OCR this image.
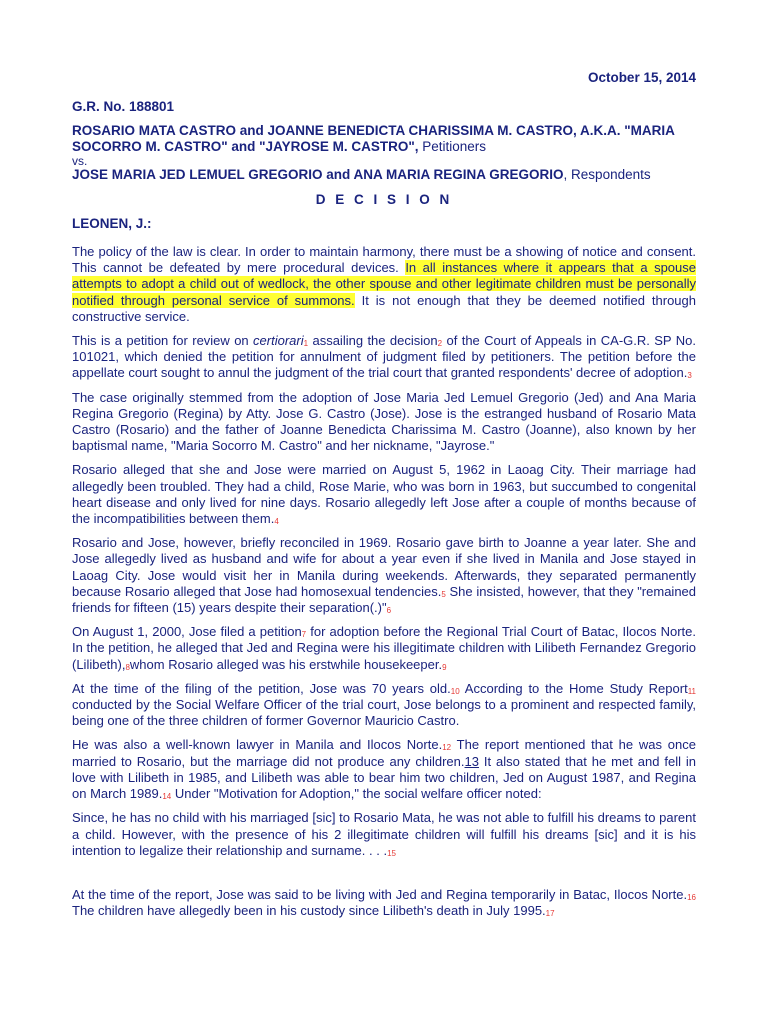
October 15, 2014
G.R. No. 188801
ROSARIO MATA CASTRO and JOANNE BENEDICTA CHARISSIMA M. CASTRO, A.K.A. "MARIA SOCORRO M. CASTRO" and "JAYROSE M. CASTRO", Petitioners
vs.
JOSE MARIA JED LEMUEL GREGORIO and ANA MARIA REGINA GREGORIO, Respondents
D E C I S I O N
LEONEN, J.:

The policy of the law is clear. In order to maintain harmony, there must be a showing of notice and consent. This cannot be defeated by mere procedural devices. In all instances where it appears that a spouse attempts to adopt a child out of wedlock, the other spouse and other legitimate children must be personally notified through personal service of summons. It is not enough that they be deemed notified through constructive service.

This is a petition for review on certiorari$^1$ assailing the decision$^2$ of the Court of Appeals in CA-G.R. SP No. 101021, which denied the petition for annulment of judgment filed by petitioners. The petition before the appellate court sought to annul the judgment of the trial court that granted respondents' decree of adoption.$^3$

The case originally stemmed from the adoption of Jose Maria Jed Lemuel Gregorio (Jed) and Ana Maria Regina Gregorio (Regina) by Atty. Jose G. Castro (Jose). Jose is the estranged husband of Rosario Mata Castro (Rosario) and the father of Joanne Benedicta Charissima M. Castro (Joanne), also known by her baptismal name, "Maria Socorro M. Castro" and her nickname, "Jayrose."

Rosario alleged that she and Jose were married on August 5, 1962 in Laoag City. Their marriage had allegedly been troubled. They had a child, Rose Marie, who was born in 1963, but succumbed to congenital heart disease and only lived for nine days. Rosario allegedly left Jose after a couple of months because of the incompatibilities between them.$^4$

Rosario and Jose, however, briefly reconciled in 1969. Rosario gave birth to Joanne a year later. She and Jose allegedly lived as husband and wife for about a year even if she lived in Manila and Jose stayed in Laoag City. Jose would visit her in Manila during weekends. Afterwards, they separated permanently because Rosario alleged that Jose had homosexual tendencies.$^5$ She insisted, however, that they "remained friends for fifteen (15) years despite their separation(.)"$^6$

On August 1, 2000, Jose filed a petition$^7$ for adoption before the Regional Trial Court of Batac, Ilocos Norte. In the petition, he alleged that Jed and Regina were his illegitimate children with Lilibeth Fernandez Gregorio (Lilibeth),$^8$whom Rosario alleged was his erstwhile housekeeper.$^9$

At the time of the filing of the petition, Jose was 70 years old.$^{10}$ According to the Home Study Report$^{11}$ conducted by the Social Welfare Officer of the trial court, Jose belongs to a prominent and respected family, being one of the three children of former Governor Mauricio Castro.

He was also a well-known lawyer in Manila and Ilocos Norte.$^{12}$ The report mentioned that he was once married to Rosario, but the marriage did not produce any children.13 It also stated that he met and fell in love with Lilibeth in 1985, and Lilibeth was able to bear him two children, Jed on August 1987, and Regina on March 1989.14 Under "Motivation for Adoption," the social welfare officer noted:

Since, he has no child with his marriaged [sic] to Rosario Mata, he was not able to fulfill his dreams to parent a child. However, with the presence of his 2 illegitimate children will fulfill his dreams [sic] and it is his intention to legalize their relationship and surname. . . .$^{15}$

At the time of the report, Jose was said to be living with Jed and Regina temporarily in Batac, Ilocos Norte.$^{16}$ The children have allegedly been in his custody since Lilibeth's death in July 1995.17
